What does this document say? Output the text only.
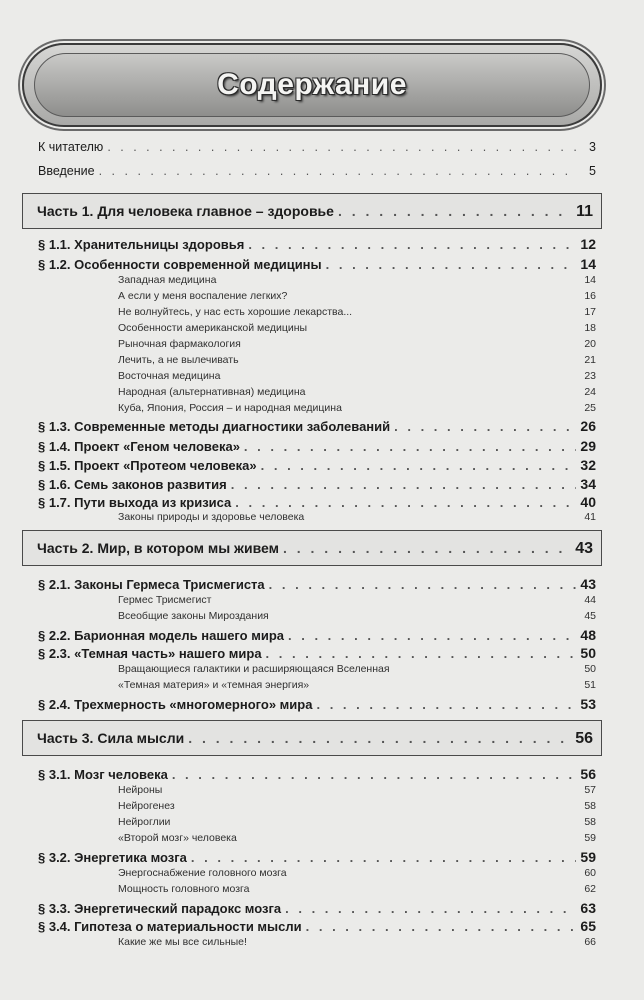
Содержание
К читателю . . .	3
Введение . . .	5
Часть 1. Для человека главное – здоровье . . .	11
§ 1.1. Хранительницы здоровья . . .	12
§ 1.2. Особенности современной медицины . . .	14
Западная медицина	14
А если у меня воспаление легких?	16
Не волнуйтесь, у нас есть хорошие лекарства...	17
Особенности американской медицины	18
Рыночная фармакология	20
Лечить, а не вылечивать	21
Восточная медицина	23
Народная (альтернативная) медицина	24
Куба, Япония, Россия – и народная медицина	25
§ 1.3. Современные методы диагностики заболеваний . . .	26
§ 1.4. Проект «Геном человека» . . .	29
§ 1.5. Проект «Протеом человека» . . .	32
§ 1.6. Семь законов развития . . .	34
§ 1.7. Пути выхода из кризиса . . .	40
Законы природы и здоровье человека	41
Часть 2. Мир, в котором мы живем . . .	43
§ 2.1. Законы Гермеса Трисмегиста . . .	43
Гермес Трисмегист	44
Всеобщие законы Мироздания	45
§ 2.2. Барионная модель нашего мира . . .	48
§ 2.3. «Темная часть» нашего мира . . .	50
Вращающиеся галактики и расширяющаяся Вселенная	50
«Темная материя» и «темная энергия»	51
§ 2.4. Трехмерность «многомерного» мира . . .	53
Часть 3. Сила мысли . . .	56
§ 3.1. Мозг человека . . .	56
Нейроны	57
Нейрогенез	58
Нейроглии	58
«Второй мозг» человека	59
§ 3.2. Энергетика мозга . . .	59
Энергоснабжение головного мозга	60
Мощность головного мозга	62
§ 3.3. Энергетический парадокс мозга . . .	63
§ 3.4. Гипотеза о материальности мысли . . .	65
Какие же мы все сильные!	66
